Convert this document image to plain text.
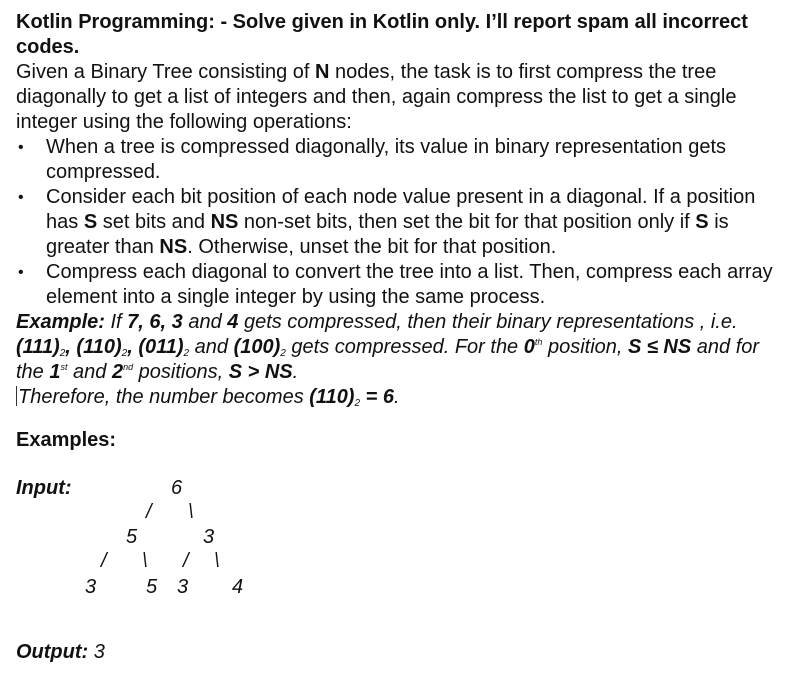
Kotlin Programming: - Solve given in Kotlin only. I’ll report spam all incorrect codes.

Given a Binary Tree consisting of N nodes, the task is to first compress the tree diagonally to get a list of integers and then, again compress the list to get a single integer using the following operations:

• When a tree is compressed diagonally, its value in binary representation gets compressed.
• Consider each bit position of each node value present in a diagonal. If a position has S set bits and NS non-set bits, then set the bit for that position only if S is greater than NS. Otherwise, unset the bit for that position.
• Compress each diagonal to convert the tree into a list. Then, compress each array element into a single integer by using the same process.

Example: If 7, 6, 3 and 4 gets compressed, then their binary representations , i.e. $(111)_2$, $(110)_2$, $(011)_2$ and $(100)_2$ gets compressed. For the 0th position, S ≤ NS and for the 1st and 2nd positions, S > NS.

Therefore, the number becomes $(110)_2 = 6$.

Examples:

Input:	6
/ \
5	3
/ \ / \
3 5 3 4
Output: 3
